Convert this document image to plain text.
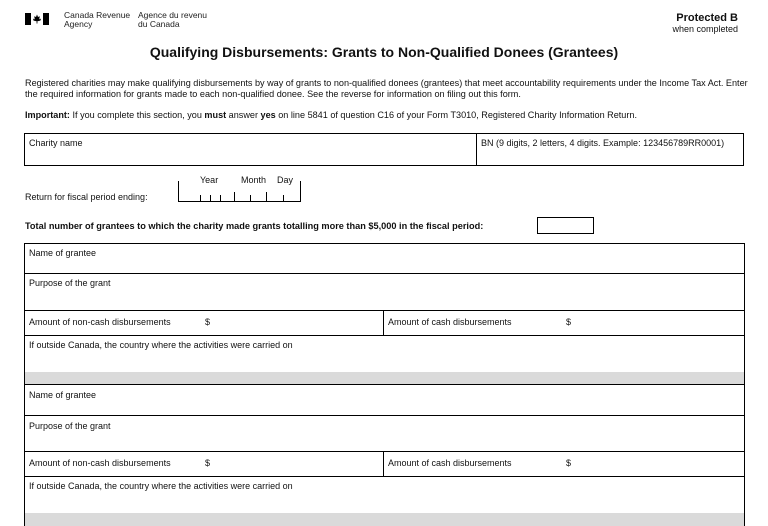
Canada Revenue
Agency
Agence du revenu
du Canada	Protected B
when completed
Qualifying Disbursements: Grants to Non-Qualified Donees (Grantees)
Registered charities may make qualifying disbursements by way of grants to non-qualified donees (grantees) that meet accountability requirements under the Income Tax Act. Enter the required information for grants made to each non-qualified donee. See the reverse for information on filing out this form.
Important: If you complete this section, you must answer yes on line 5841 of question C16 of your Form T3010, Registered Charity Information Return.
Charity name	BN (9 digits, 2 letters, 4 digits. Example: 123456789RR0001)
Return for fiscal period ending:
Year	Month Day
Total number of grantees to which the charity made grants totalling more than $5,000 in the fiscal period:
Name of grantee
Purpose of the grant
Amount of non-cash disbursements	$	Amount of cash disbursements	$
If outside Canada, the country where the activities were carried on
Name of grantee
Purpose of the grant
Amount of non-cash disbursements	$	Amount of cash disbursements	$
If outside Canada, the country where the activities were carried on
